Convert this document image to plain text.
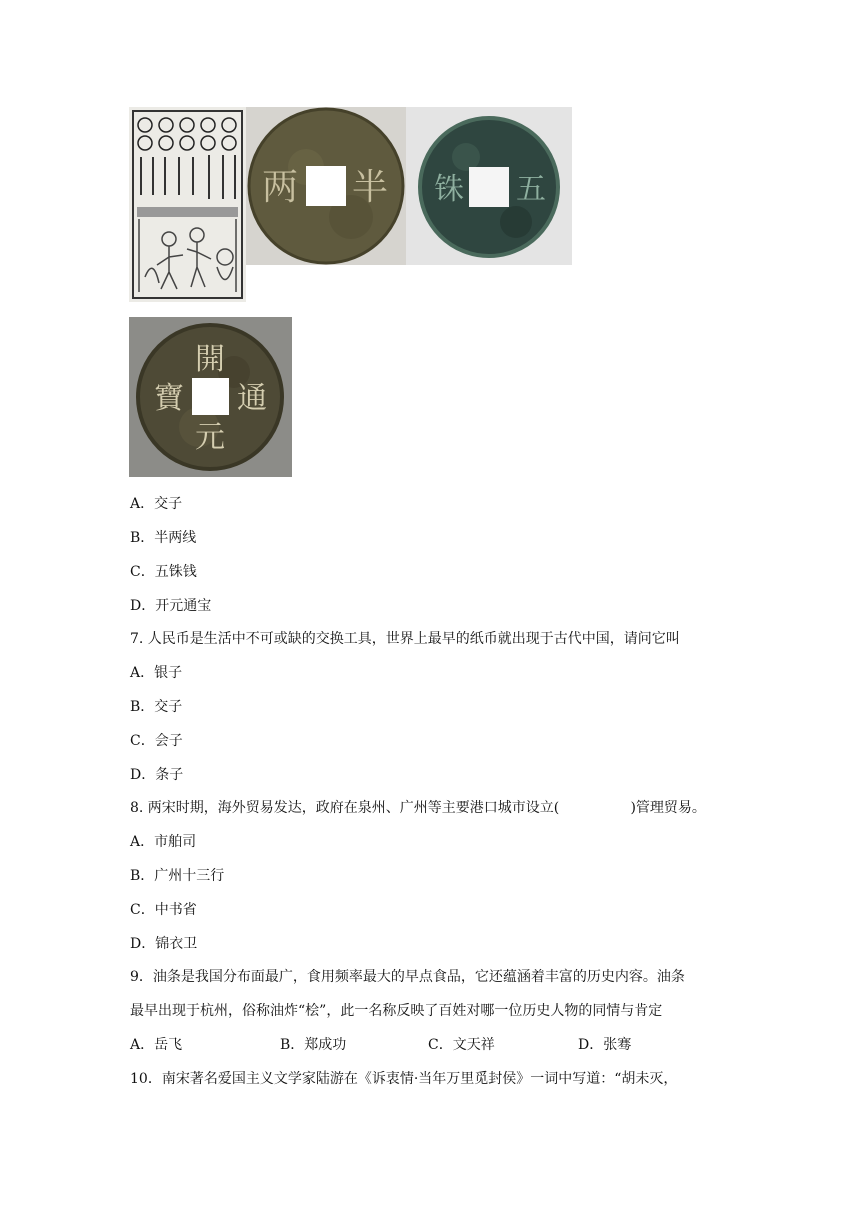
两 半 铢 五
開
元
通
寶
A．交子
B．半两线
C．五铢钱
D．开元通宝
7. 人民币是生活中不可或缺的交换工具，世界上最早的纸币就出现于古代中国，请问它叫
A．银子
B．交子
C．会子
D．条子
8. 两宋时期，海外贸易发达，政府在泉州、广州等主要港口城市设立(                )管理贸易。
A．市舶司
B．广州十三行
C．中书省
D．锦衣卫
9．油条是我国分布面最广，食用频率最大的早点食品，它还蕴涵着丰富的历史内容。油条
最早出现于杭州，俗称油炸“桧”，此一名称反映了百姓对哪一位历史人物的同情与肯定
A．岳飞	B．郑成功	C．文天祥	D．张骞
10．南宋著名爱国主义文学家陆游在《诉衷情·当年万里觅封侯》一词中写道：“胡未灭，
